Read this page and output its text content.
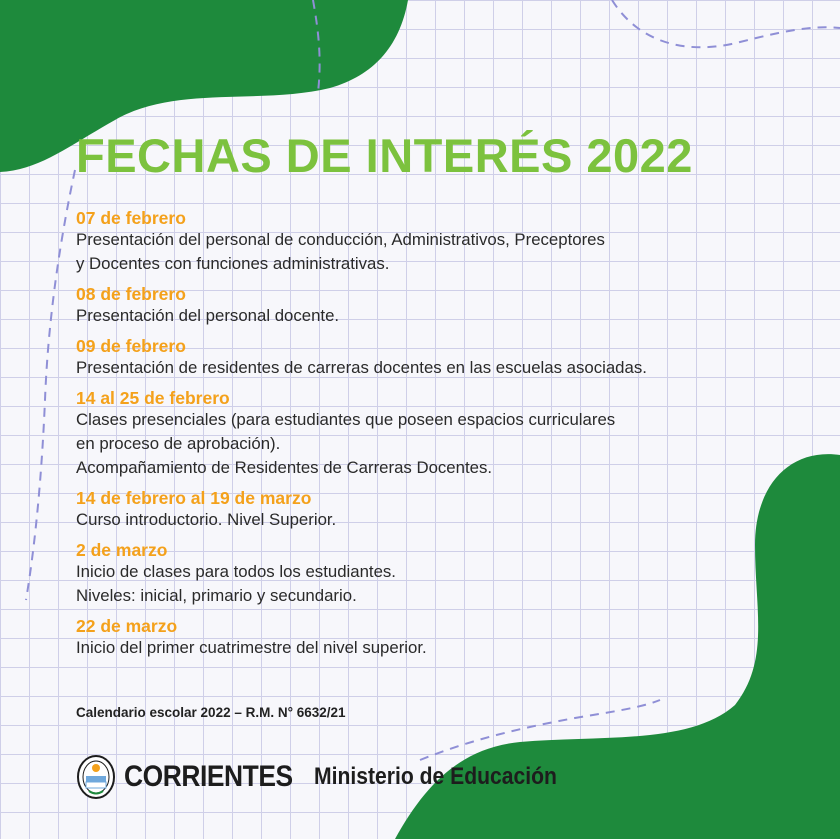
FECHAS DE INTERÉS 2022
07 de febrero
Presentación del personal de conducción, Administrativos, Preceptores
y Docentes con funciones administrativas.
08 de febrero
Presentación del personal docente.
09 de febrero
Presentación de residentes de carreras docentes en las escuelas asociadas.
14 al 25 de febrero
Clases presenciales (para estudiantes que poseen espacios curriculares
en proceso de aprobación).
Acompañamiento de Residentes de Carreras Docentes.
14 de febrero al 19 de marzo
Curso introductorio. Nivel Superior.
2 de marzo
Inicio de clases para todos los estudiantes.
Niveles: inicial, primario y secundario.
22 de marzo
Inicio del primer cuatrimestre del nivel superior.

Calendario escolar 2022 – R.M. N° 6632/21

CORRIENTES Ministerio de Educación
